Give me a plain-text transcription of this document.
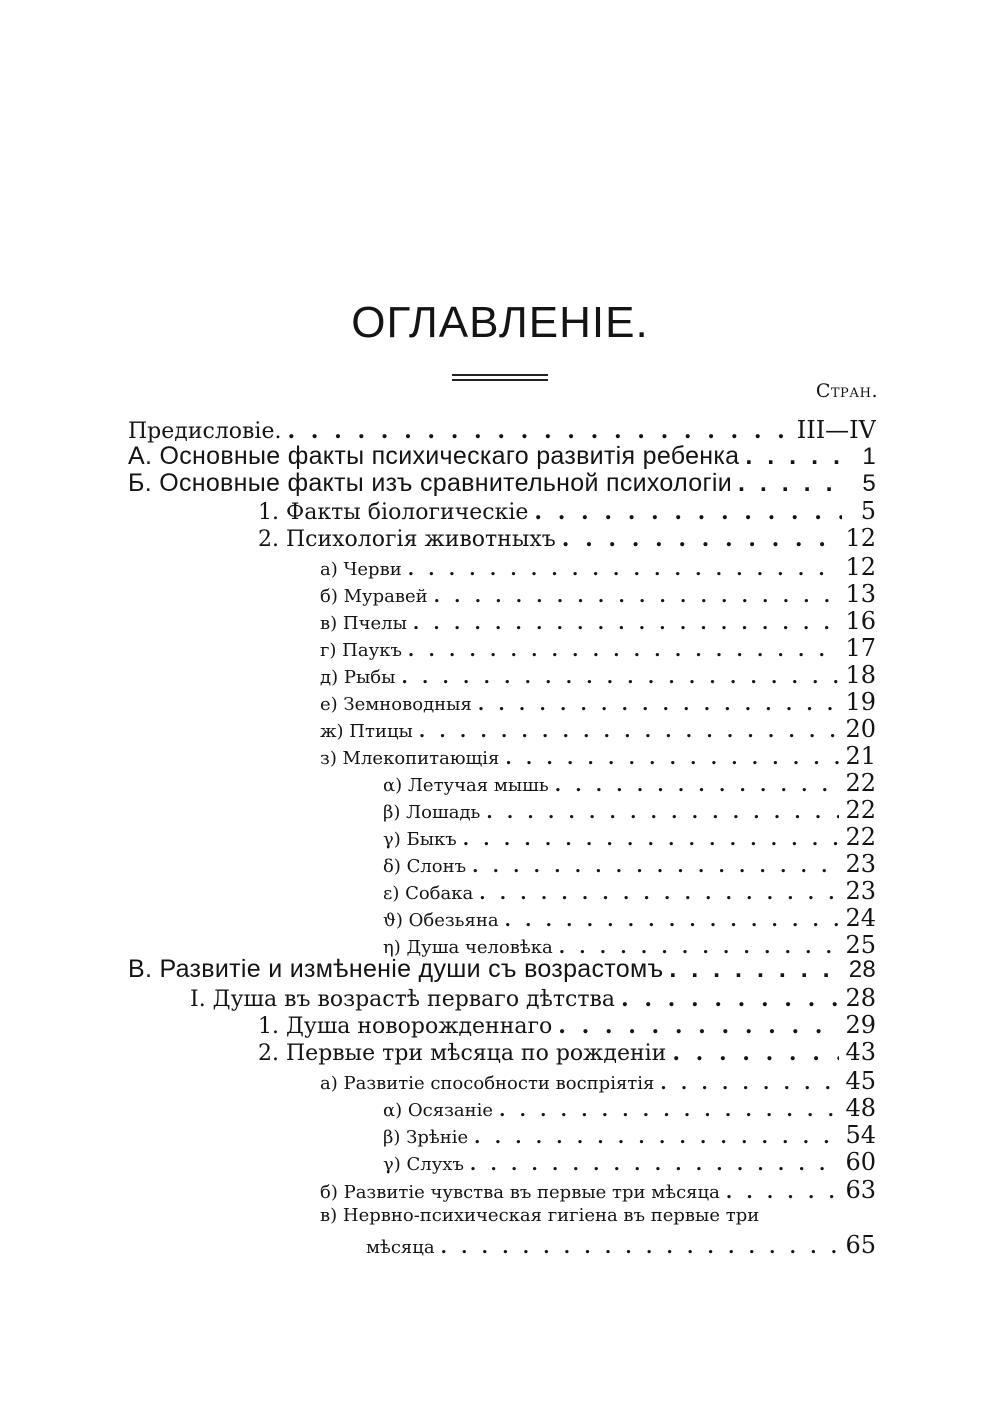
ОГЛАВЛЕНІЕ.
Стран.
Предисловіе. . . .	III—IV
А. Основные факты психическаго развитія ребенка . . .	1
Б. Основные факты изъ сравнительной психологіи . . .	5
1. Факты біологическіе . . .	5
2. Психологія животныхъ . . .	12
а) Черви . . .	12
б) Муравей . . .	13
в) Пчелы . . .	16
г) Паукъ . . .	17
д) Рыбы . . .	18
е) Земноводныя . . .	19
ж) Птицы . . .	20
з) Млекопитающія . . .	21
α) Летучая мышь . . .	22
β) Лошадь . . .	22
γ) Быкъ . . .	22
δ) Слонъ . . .	23
ε) Собака . . .	23
ϑ) Обезьяна . . .	24
η) Душа человѣка . . .	25
В. Развитіе и измѣненіе души съ возрастомъ . . .	28
I. Душа въ возрастѣ перваго дѣтства . . .	28
1. Душа новорожденнаго . . .	29
2. Первые три мѣсяца по рожденіи . . .	43
а) Развитіе способности воспріятія . . .	45
α) Осязаніе . . .	48
β) Зрѣніе . . .	54
γ) Слухъ . . .	60
б) Развитіе чувства въ первые три мѣсяца . . .	63
в) Нервно-психическая гигіена въ первые три
мѣсяца . . .	65
